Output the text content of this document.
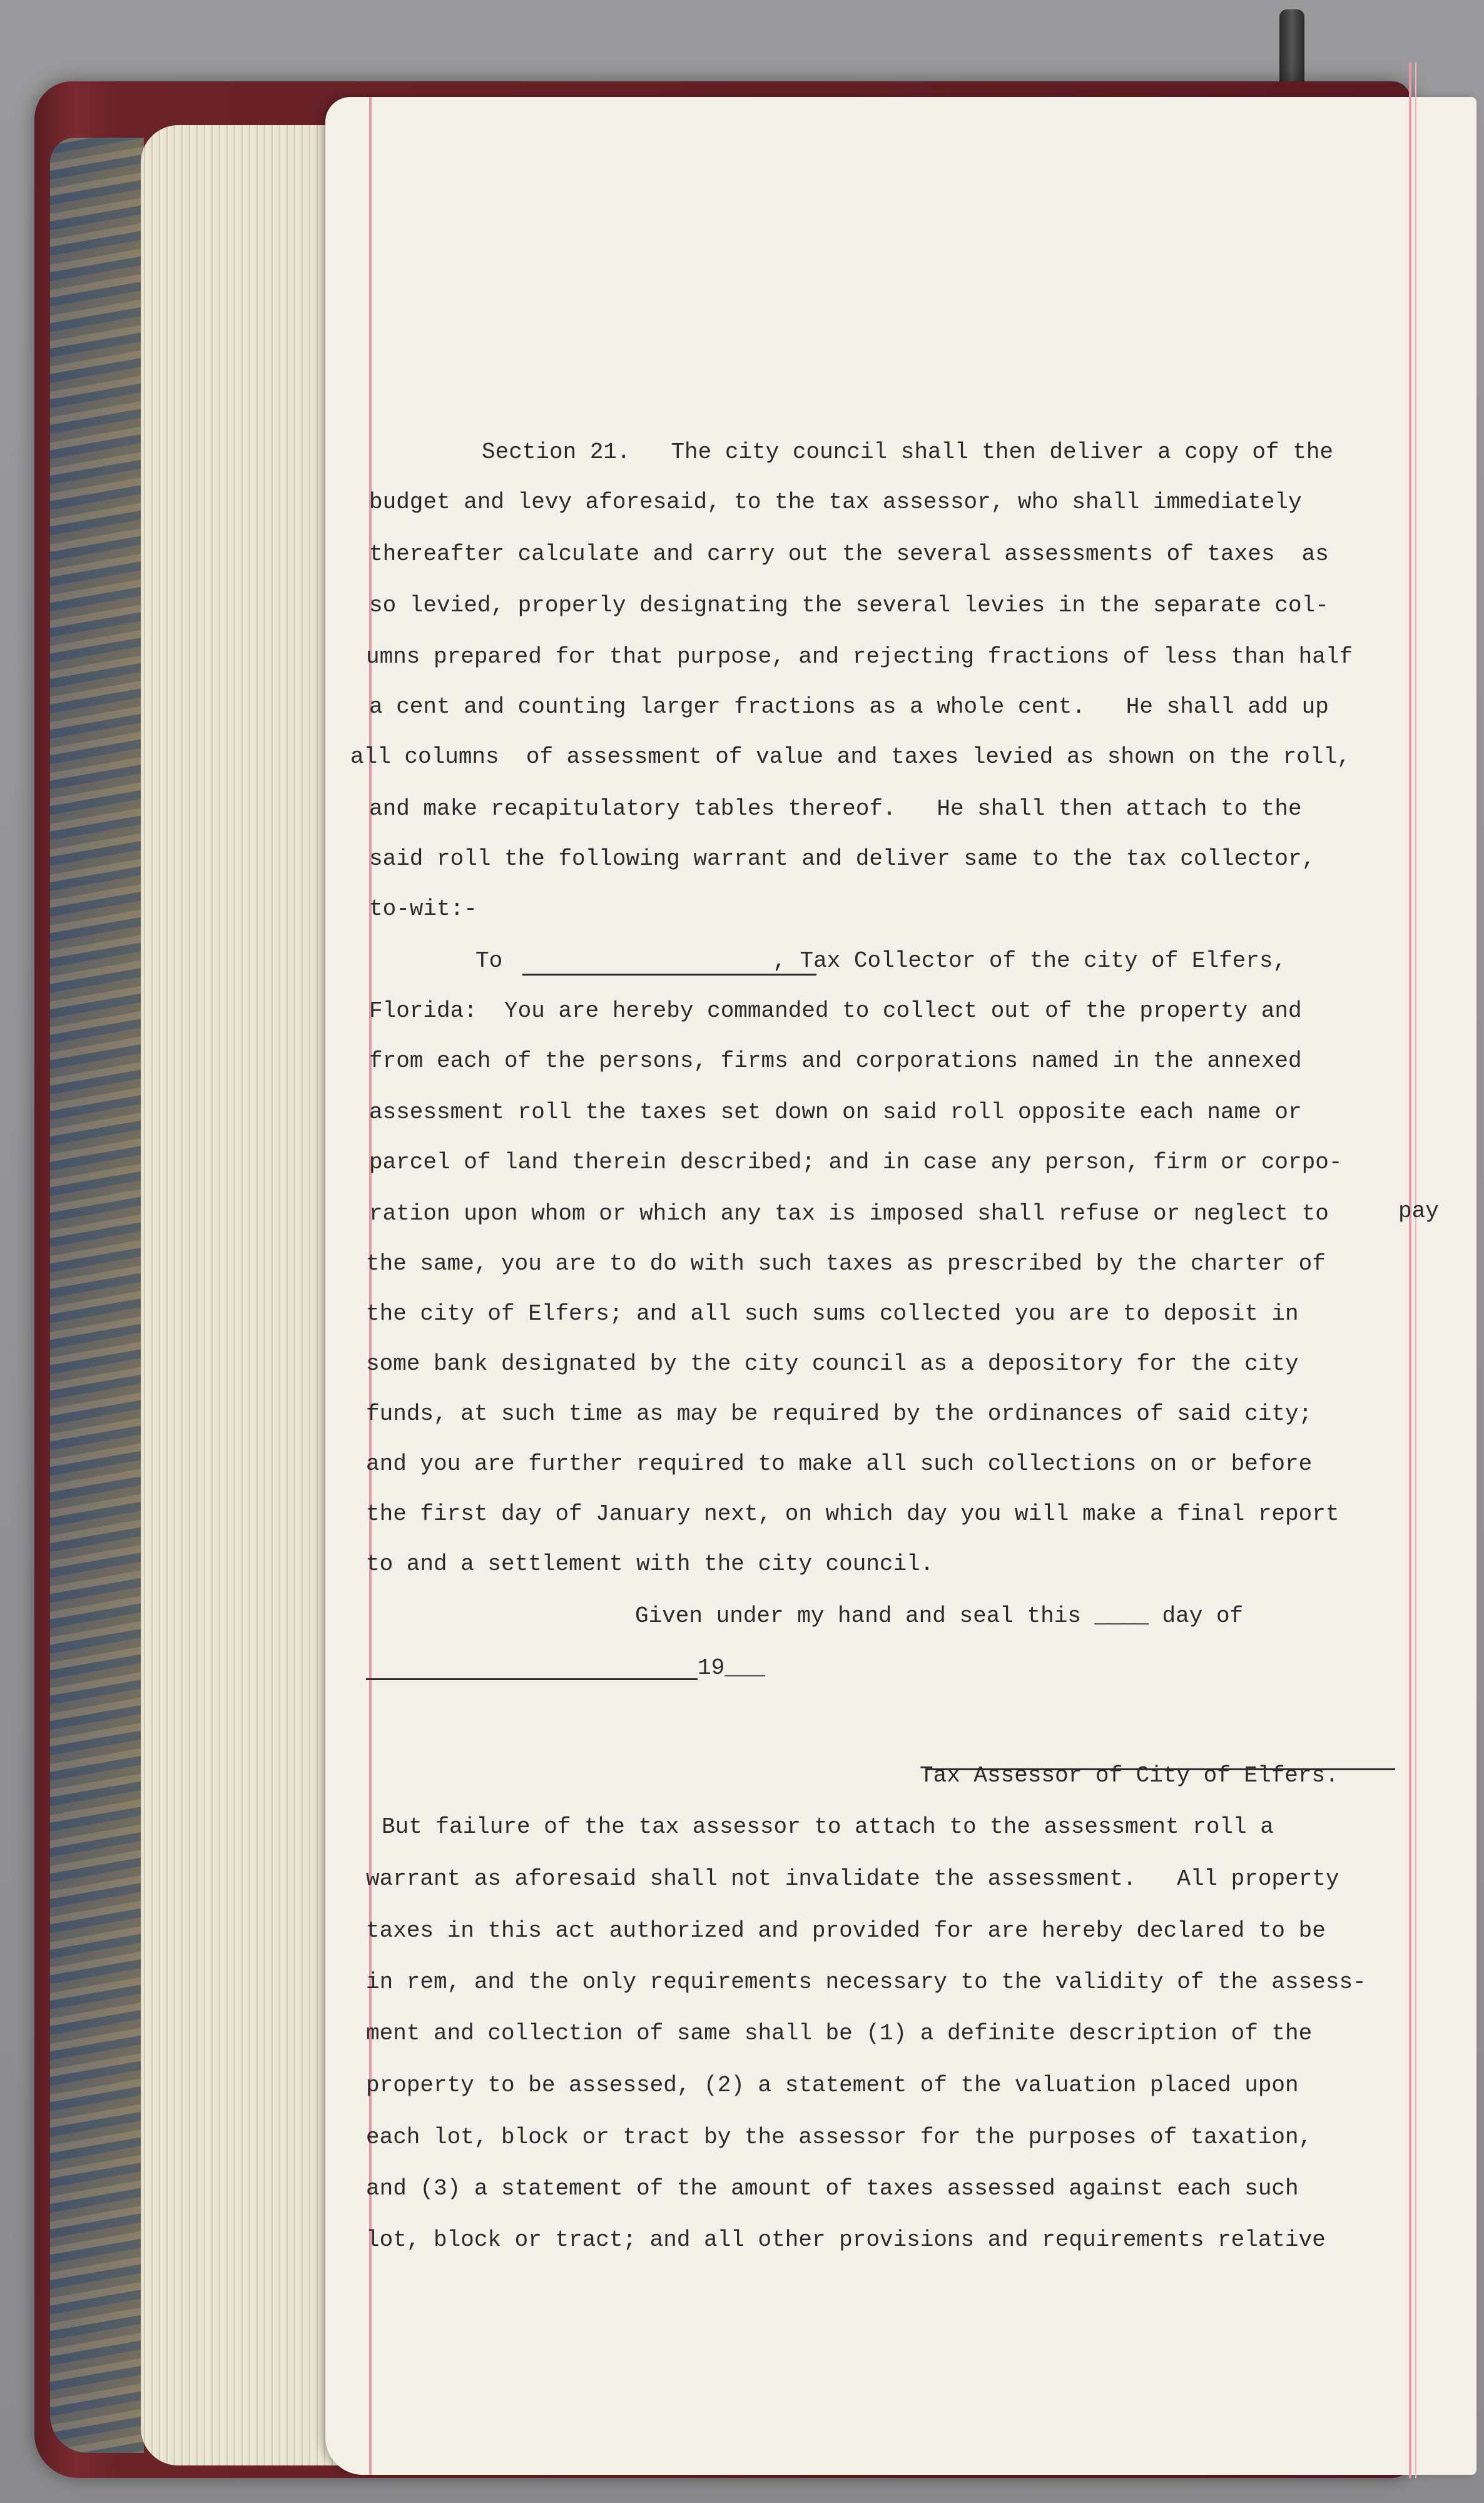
Section 21.   The city council shall then deliver a copy of the
budget and levy aforesaid, to the tax assessor, who shall immediately
thereafter calculate and carry out the several assessments of taxes  as
so levied, properly designating the several levies in the separate col-
umns prepared for that purpose, and rejecting fractions of less than half
a cent and counting larger fractions as a whole cent.   He shall add up
all columns  of assessment of value and taxes levied as shown on the roll,
and make recapitulatory tables thereof.   He shall then attach to the
said roll the following warrant and deliver same to the tax collector,
to-wit:-
To                    , Tax Collector of the city of Elfers,
Florida:  You are hereby commanded to collect out of the property and
from each of the persons, firms and corporations named in the annexed
assessment roll the taxes set down on said roll opposite each name or
parcel of land therein described; and in case any person, firm or corpo-
ration upon whom or which any tax is imposed shall refuse or neglect to	pay
the same, you are to do with such taxes as prescribed by the charter of
the city of Elfers; and all such sums collected you are to deposit in
some bank designated by the city council as a depository for the city
funds, at such time as may be required by the ordinances of said city;
and you are further required to make all such collections on or before
the first day of January next, on which day you will make a final report
to and a settlement with the city council.
Given under my hand and seal this ____ day of
19___
Tax Assessor of City of Elfers.
But failure of the tax assessor to attach to the assessment roll a
warrant as aforesaid shall not invalidate the assessment.   All property
taxes in this act authorized and provided for are hereby declared to be
in rem, and the only requirements necessary to the validity of the assess-
ment and collection of same shall be (1) a definite description of the
property to be assessed, (2) a statement of the valuation placed upon
each lot, block or tract by the assessor for the purposes of taxation,
and (3) a statement of the amount of taxes assessed against each such
lot, block or tract; and all other provisions and requirements relative
